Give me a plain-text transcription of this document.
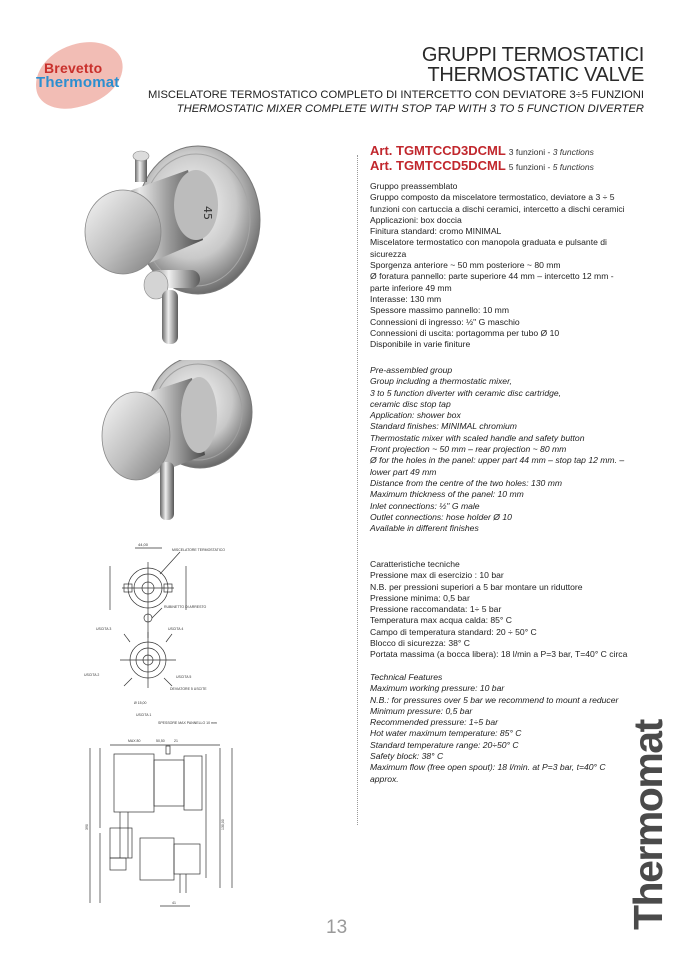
Brevetto
Thermomat
GRUPPI TERMOSTATICI
THERMOSTATIC VALVE
MISCELATORE TERMOSTATICO COMPLETO DI INTERCETTO CON DEVIATORE 3÷5 FUNZIONI
THERMOSTATIC MIXER COMPLETE WITH STOP TAP WITH 3 TO 5 FUNCTION DIVERTER
45
44,00
MISCELATORE TERMOSTATICO
RUBINETTO DI ARRESTO
USCITA 3	USCITA 4
USCITA 2	USCITA 5
DEVIATORE 5 USCITE
Ø 15,00
USCITA 1
SPESSORE MAX PANNELLO 10 mm
MAX 80	50,50	21
130,00
390
41
Art. TGMTCCD3DCML 3 funzioni - 3 functions
Art. TGMTCCD5DCML 5 funzioni - 5 functions
Gruppo preassemblato
Gruppo composto da miscelatore termostatico, deviatore a 3 ÷ 5
funzioni con cartuccia a dischi ceramici, intercetto a dischi ceramici
Applicazioni: box doccia
Finitura standard: cromo MINIMAL
Miscelatore termostatico con manopola graduata e pulsante di
sicurezza
Sporgenza anteriore ~ 50 mm posteriore ~ 80 mm
Ø foratura pannello: parte superiore 44 mm – intercetto 12 mm -
parte inferiore 49 mm
Interasse: 130 mm
Spessore massimo pannello: 10 mm
Connessioni di ingresso: ½" G maschio
Connessioni di uscita: portagomma per tubo Ø 10
Disponibile in varie finiture
Pre-assembled group
Group including a thermostatic mixer,
3 to 5 function diverter with ceramic disc cartridge,
ceramic disc stop tap
Application: shower box
Standard finishes: MINIMAL chromium
Thermostatic mixer with scaled handle and safety button
Front projection ~ 50 mm – rear projection ~ 80 mm
Ø for the holes in the panel: upper part 44 mm – stop tap 12 mm. –
lower part 49 mm
Distance from the centre of the two holes: 130 mm
Maximum thickness of the panel: 10 mm
Inlet connections: ½" G male
Outlet connections: hose holder Ø 10
Available in different finishes
Caratteristiche tecniche
Pressione max di esercizio : 10 bar
N.B. per pressioni superiori a 5 bar montare un riduttore
Pressione minima: 0,5 bar
Pressione raccomandata: 1÷ 5 bar
Temperatura max acqua calda: 85° C
Campo di temperatura standard: 20 ÷ 50° C
Blocco di sicurezza: 38° C
Portata massima (a bocca libera): 18 l/min a P=3 bar, T=40° C circa
Technical Features
Maximum working pressure: 10 bar
N.B.: for pressures over 5 bar we recommend to mount a reducer
Minimum pressure: 0,5 bar
Recommended pressure: 1÷5 bar
Hot water maximum temperature: 85° C
Standard temperature range: 20÷50° C
Safety block: 38° C
Maximum flow (free open spout): 18 l/min. at P=3 bar, t=40° C
approx.
13	Thermomat
